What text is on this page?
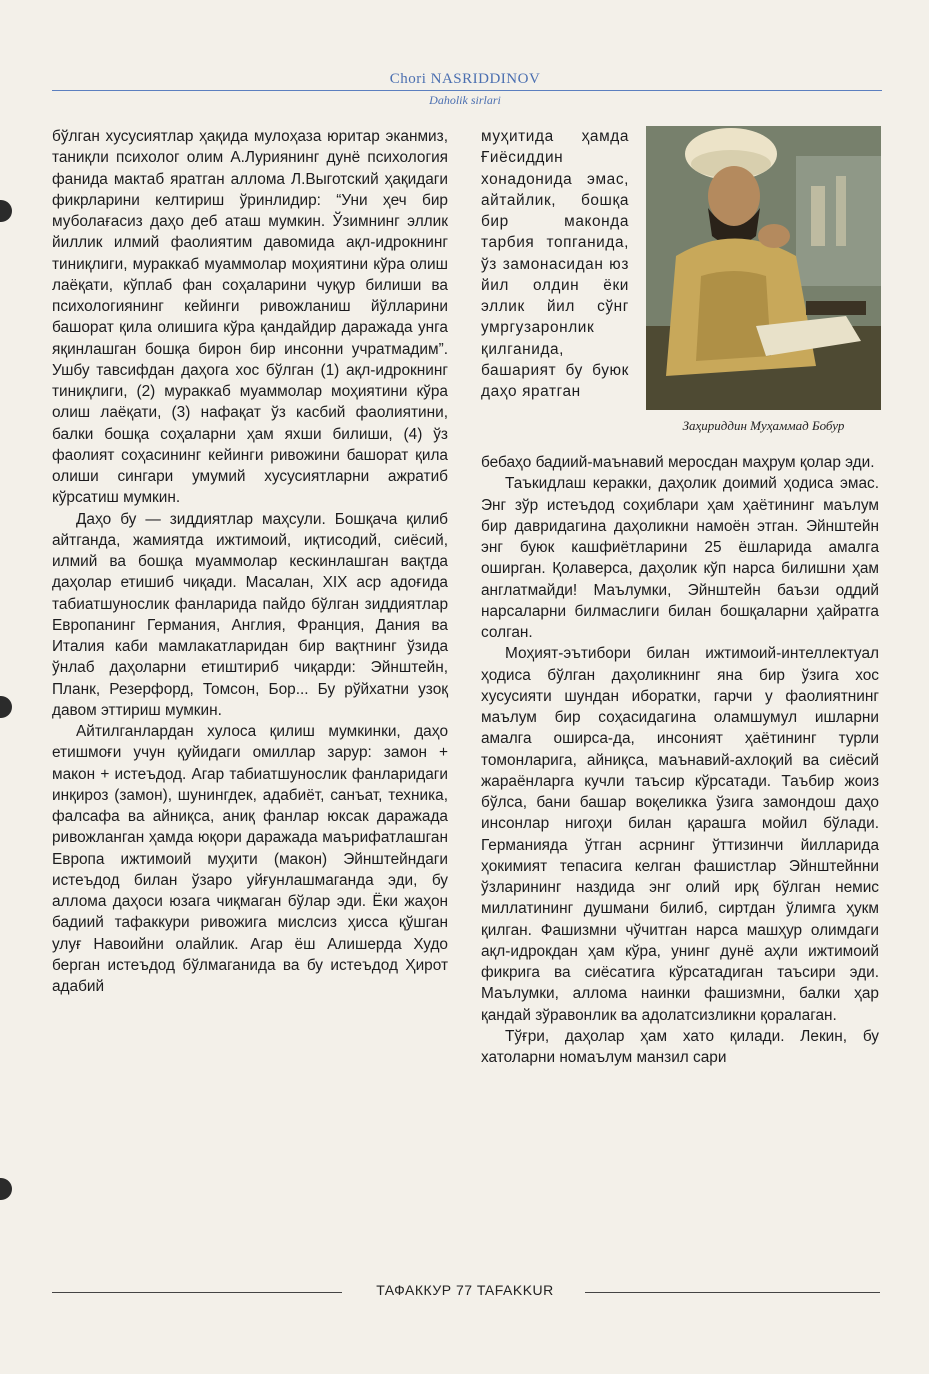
Chori NASRIDDINOV
Daholik sirlari

бўлган хусусиятлар ҳақида мулоҳаза юритар эканмиз, таниқли психолог олим А.Луриянинг дунё психология фанида мактаб яратган аллома Л.Выготский ҳақидаги фикрларини келтириш ўринлидир: “Уни ҳеч бир муболағасиз даҳо деб аташ мумкин. Ўзимнинг эллик йиллик илмий фаолиятим давомида ақл-идрокнинг тиниқлиги, мураккаб муаммолар моҳиятини кўра олиш лаёқати, кўплаб фан соҳаларини чуқур билиши ва психологиянинг кейинги ривожланиш йўлларини башорат қила олишига кўра қандайдир даражада унга яқинлашган бошқа бирон бир инсонни учратмадим”. Ушбу тавсифдан даҳога хос бўлган (1) ақл-идрокнинг тиниқлиги, (2) мураккаб муаммолар моҳиятини кўра олиш лаёқати, (3) нафақат ўз касбий фаолиятини, балки бошқа соҳаларни ҳам яхши билиши, (4) ўз фаолият соҳасининг кейинги ривожини башорат қила олиши сингари умумий хусусиятларни ажратиб кўрсатиш мумкин.

Даҳо бу — зиддиятлар маҳсули. Бошқача қилиб айтганда, жамиятда ижтимоий, иқтисодий, сиёсий, илмий ва бошқа муаммолар кескинлашган вақтда даҳолар етишиб чиқади. Масалан, XIX аср адоғида табиатшунослик фанларида пайдо бўлган зиддиятлар Европанинг Германия, Англия, Франция, Дания ва Италия каби мамлакатларидан бир вақтнинг ўзида ўнлаб даҳоларни етиштириб чиқарди: Эйнштейн, Планк, Резерфорд, Томсон, Бор... Бу рўйхатни узоқ давом эттириш мумкин.

Айтилганлардан хулоса қилиш мумкинки, даҳо етишмоғи учун қуйидаги омиллар зарур: замон + макон + истеъдод. Агар табиатшунослик фанларидаги инқироз (замон), шунингдек, адабиёт, санъат, техника, фалсафа ва айниқса, аниқ фанлар юксак даражада ривожланган ҳамда юқори даражада маърифатлашган Европа ижтимоий муҳити (макон) Эйнштейндаги истеъдод билан ўзаро уйғунлашмаганда эди, бу аллома даҳоси юзага чиқмаган бўлар эди. Ёки жаҳон бадиий тафаккури ривожига мислсиз ҳисса қўшган улуғ Навоийни олайлик. Агар ёш Алишерда Худо берган истеъдод бўлмаганида ва бу истеъдод Ҳирот адабий

муҳитида ҳамда Ғиёсиддин хонадонида эмас, айтайлик, бошқа бир маконда тарбия топганида, ўз замонасидан юз йил олдин ёки эллик йил сўнг умргузаронлик қилганида, башарият бу буюк даҳо яратган

Заҳириддин Муҳаммад Бобур

бебаҳо бадиий-маънавий меросдан маҳрум қолар эди.

Таъкидлаш керакки, даҳолик доимий ҳодиса эмас. Энг зўр истеъдод соҳиблари ҳам ҳаётининг маълум бир давридагина даҳоликни намоён этган. Эйнштейн энг буюк кашфиётларини 25 ёшларида амалга оширган. Қолаверса, даҳолик кўп нарса билишни ҳам англатмайди! Маълумки, Эйнштейн баъзи оддий нарсаларни билмаслиги билан бошқаларни ҳайратга солган.

Моҳият-эътибори билан ижтимоий-интеллектуал ҳодиса бўлган даҳоликнинг яна бир ўзига хос хусусияти шундан иборатки, гарчи у фаолиятнинг маълум бир соҳасидагина оламшумул ишларни амалга оширса-да, инсоният ҳаётининг турли томонларига, айниқса, маънавий-ахлоқий ва сиёсий жараёнларга кучли таъсир кўрсатади. Таъбир жоиз бўлса, бани башар воқеликка ўзига замондош даҳо инсонлар нигоҳи билан қарашга мойил бўлади. Германияда ўтган асрнинг ўттизинчи йилларида ҳокимият тепасига келган фашистлар Эйнштейнни ўзларининг наздида энг олий ирқ бўлган немис миллатининг душмани билиб, сиртдан ўлимга ҳукм қилган. Фашизмни чўчитган нарса машҳур олимдаги ақл-идрокдан ҳам кўра, унинг дунё аҳли ижтимоий фикрига ва сиёсатига кўрсатадиган таъсири эди. Маълумки, аллома наинки фашизмни, балки ҳар қандай зўравонлик ва адолатсизликни қоралаган.

Тўғри, даҳолар ҳам хато қилади. Лекин, бу хатоларни номаълум манзил сари

ТАФАККУР 77 TAFAKKUR
